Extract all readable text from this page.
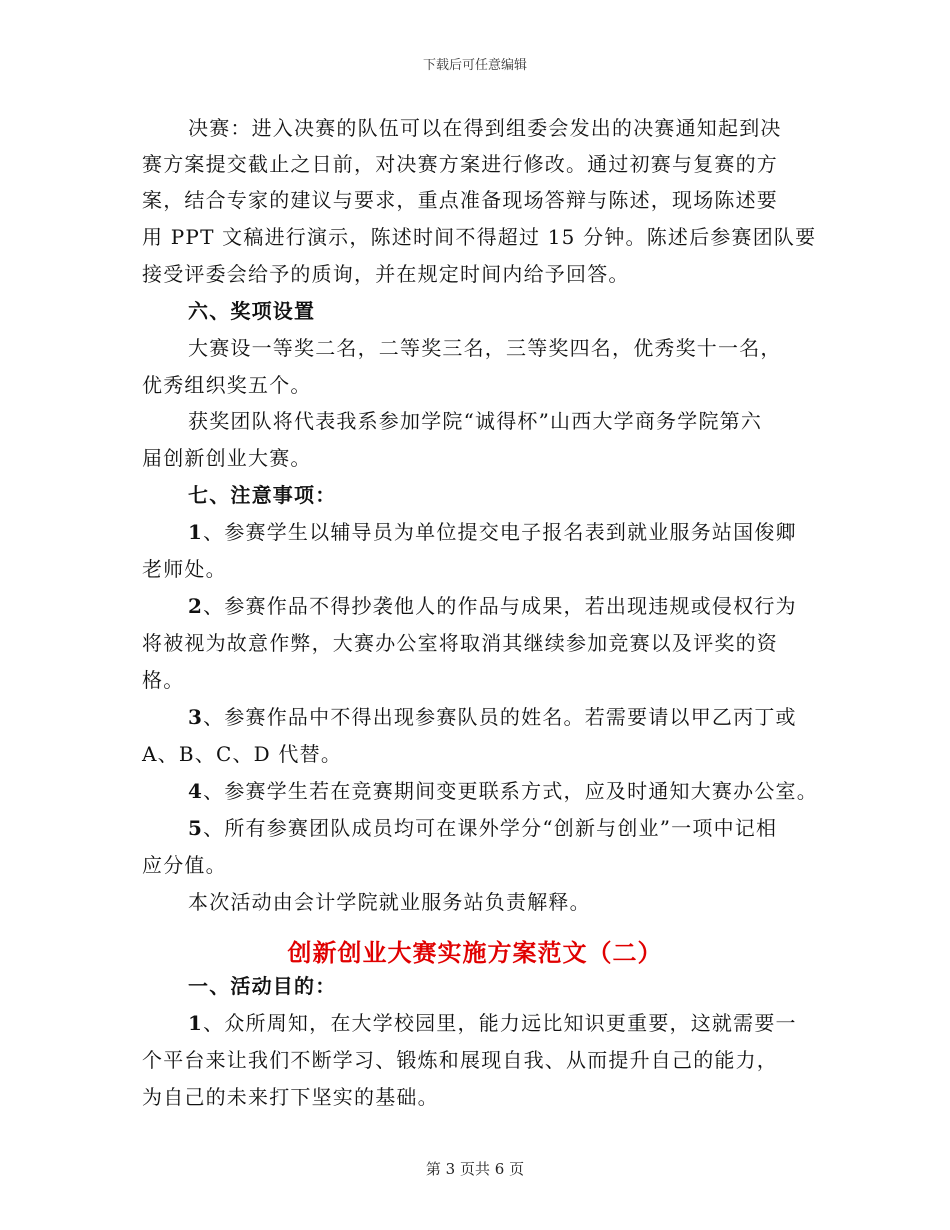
下载后可任意编辑
决赛：进入决赛的队伍可以在得到组委会发出的决赛通知起到决
赛方案提交截止之日前，对决赛方案进行修改。通过初赛与复赛的方
案，结合专家的建议与要求，重点准备现场答辩与陈述，现场陈述要
用 PPT 文稿进行演示，陈述时间不得超过 15 分钟。陈述后参赛团队要
接受评委会给予的质询，并在规定时间内给予回答。
六、奖项设置
大赛设一等奖二名，二等奖三名，三等奖四名，优秀奖十一名，
优秀组织奖五个。
获奖团队将代表我系参加学院“诚得杯”山西大学商务学院第六
届创新创业大赛。
七、注意事项：
1、参赛学生以辅导员为单位提交电子报名表到就业服务站国俊卿
老师处。
2、参赛作品不得抄袭他人的作品与成果，若出现违规或侵权行为
将被视为故意作弊，大赛办公室将取消其继续参加竞赛以及评奖的资
格。
3、参赛作品中不得出现参赛队员的姓名。若需要请以甲乙丙丁或
A、B、C、D 代替。
4、参赛学生若在竞赛期间变更联系方式，应及时通知大赛办公室。
5、所有参赛团队成员均可在课外学分“创新与创业”一项中记相
应分值。
本次活动由会计学院就业服务站负责解释。
创新创业大赛实施方案范文（二）
一、活动目的：
1、众所周知，在大学校园里，能力远比知识更重要，这就需要一
个平台来让我们不断学习、锻炼和展现自我、从而提升自己的能力，
为自己的未来打下坚实的基础。
第 3 页共 6 页
